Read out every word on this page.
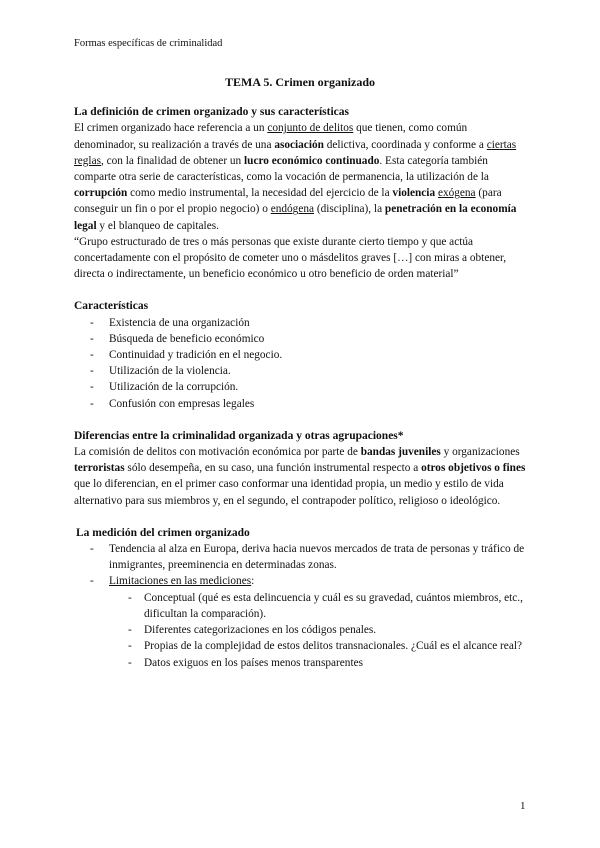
Formas específicas de criminalidad
TEMA 5. Crimen organizado
La definición de crimen organizado y sus características

El crimen organizado hace referencia a un conjunto de delitos que tienen, como común denominador, su realización a través de una asociación delictiva, coordinada y conforme a ciertas reglas, con la finalidad de obtener un lucro económico continuado. Esta categoría también comparte otra serie de características, como la vocación de permanencia, la utilización de la corrupción como medio instrumental, la necesidad del ejercicio de la violencia exógena (para conseguir un fin o por el propio negocio) o endógena (disciplina), la penetración en la economía legal y el blanqueo de capitales.

“Grupo estructurado de tres o más personas que existe durante cierto tiempo y que actúa concertadamente con el propósito de cometer uno o másdelitos graves […] con miras a obtener, directa o indirectamente, un beneficio económico u otro beneficio de orden material”

Características
- Existencia de una organización
- Búsqueda de beneficio económico
- Continuidad y tradición en el negocio.
- Utilización de la violencia.
- Utilización de la corrupción.
- Confusión con empresas legales
Diferencias entre la criminalidad organizada y otras agrupaciones*

La comisión de delitos con motivación económica por parte de bandas juveniles y organizaciones terroristas sólo desempeña, en su caso, una función instrumental respecto a otros objetivos o fines que lo diferencian, en el primer caso conformar una identidad propia, un medio y estilo de vida alternativo para sus miembros y, en el segundo, el contrapoder político, religioso o ideológico.

La medición del crimen organizado
- Tendencia al alza en Europa, deriva hacia nuevos mercados de trata de personas y tráfico de inmigrantes, preeminencia en determinadas zonas.
- Limitaciones en las mediciones:
- Conceptual (qué es esta delincuencia y cuál es su gravedad, cuántos miembros, etc., dificultan la comparación).
- Diferentes categorizaciones en los códigos penales.
- Propias de la complejidad de estos delitos transnacionales. ¿Cuál es el alcance real?
- Datos exiguos en los países menos transparentes
1
